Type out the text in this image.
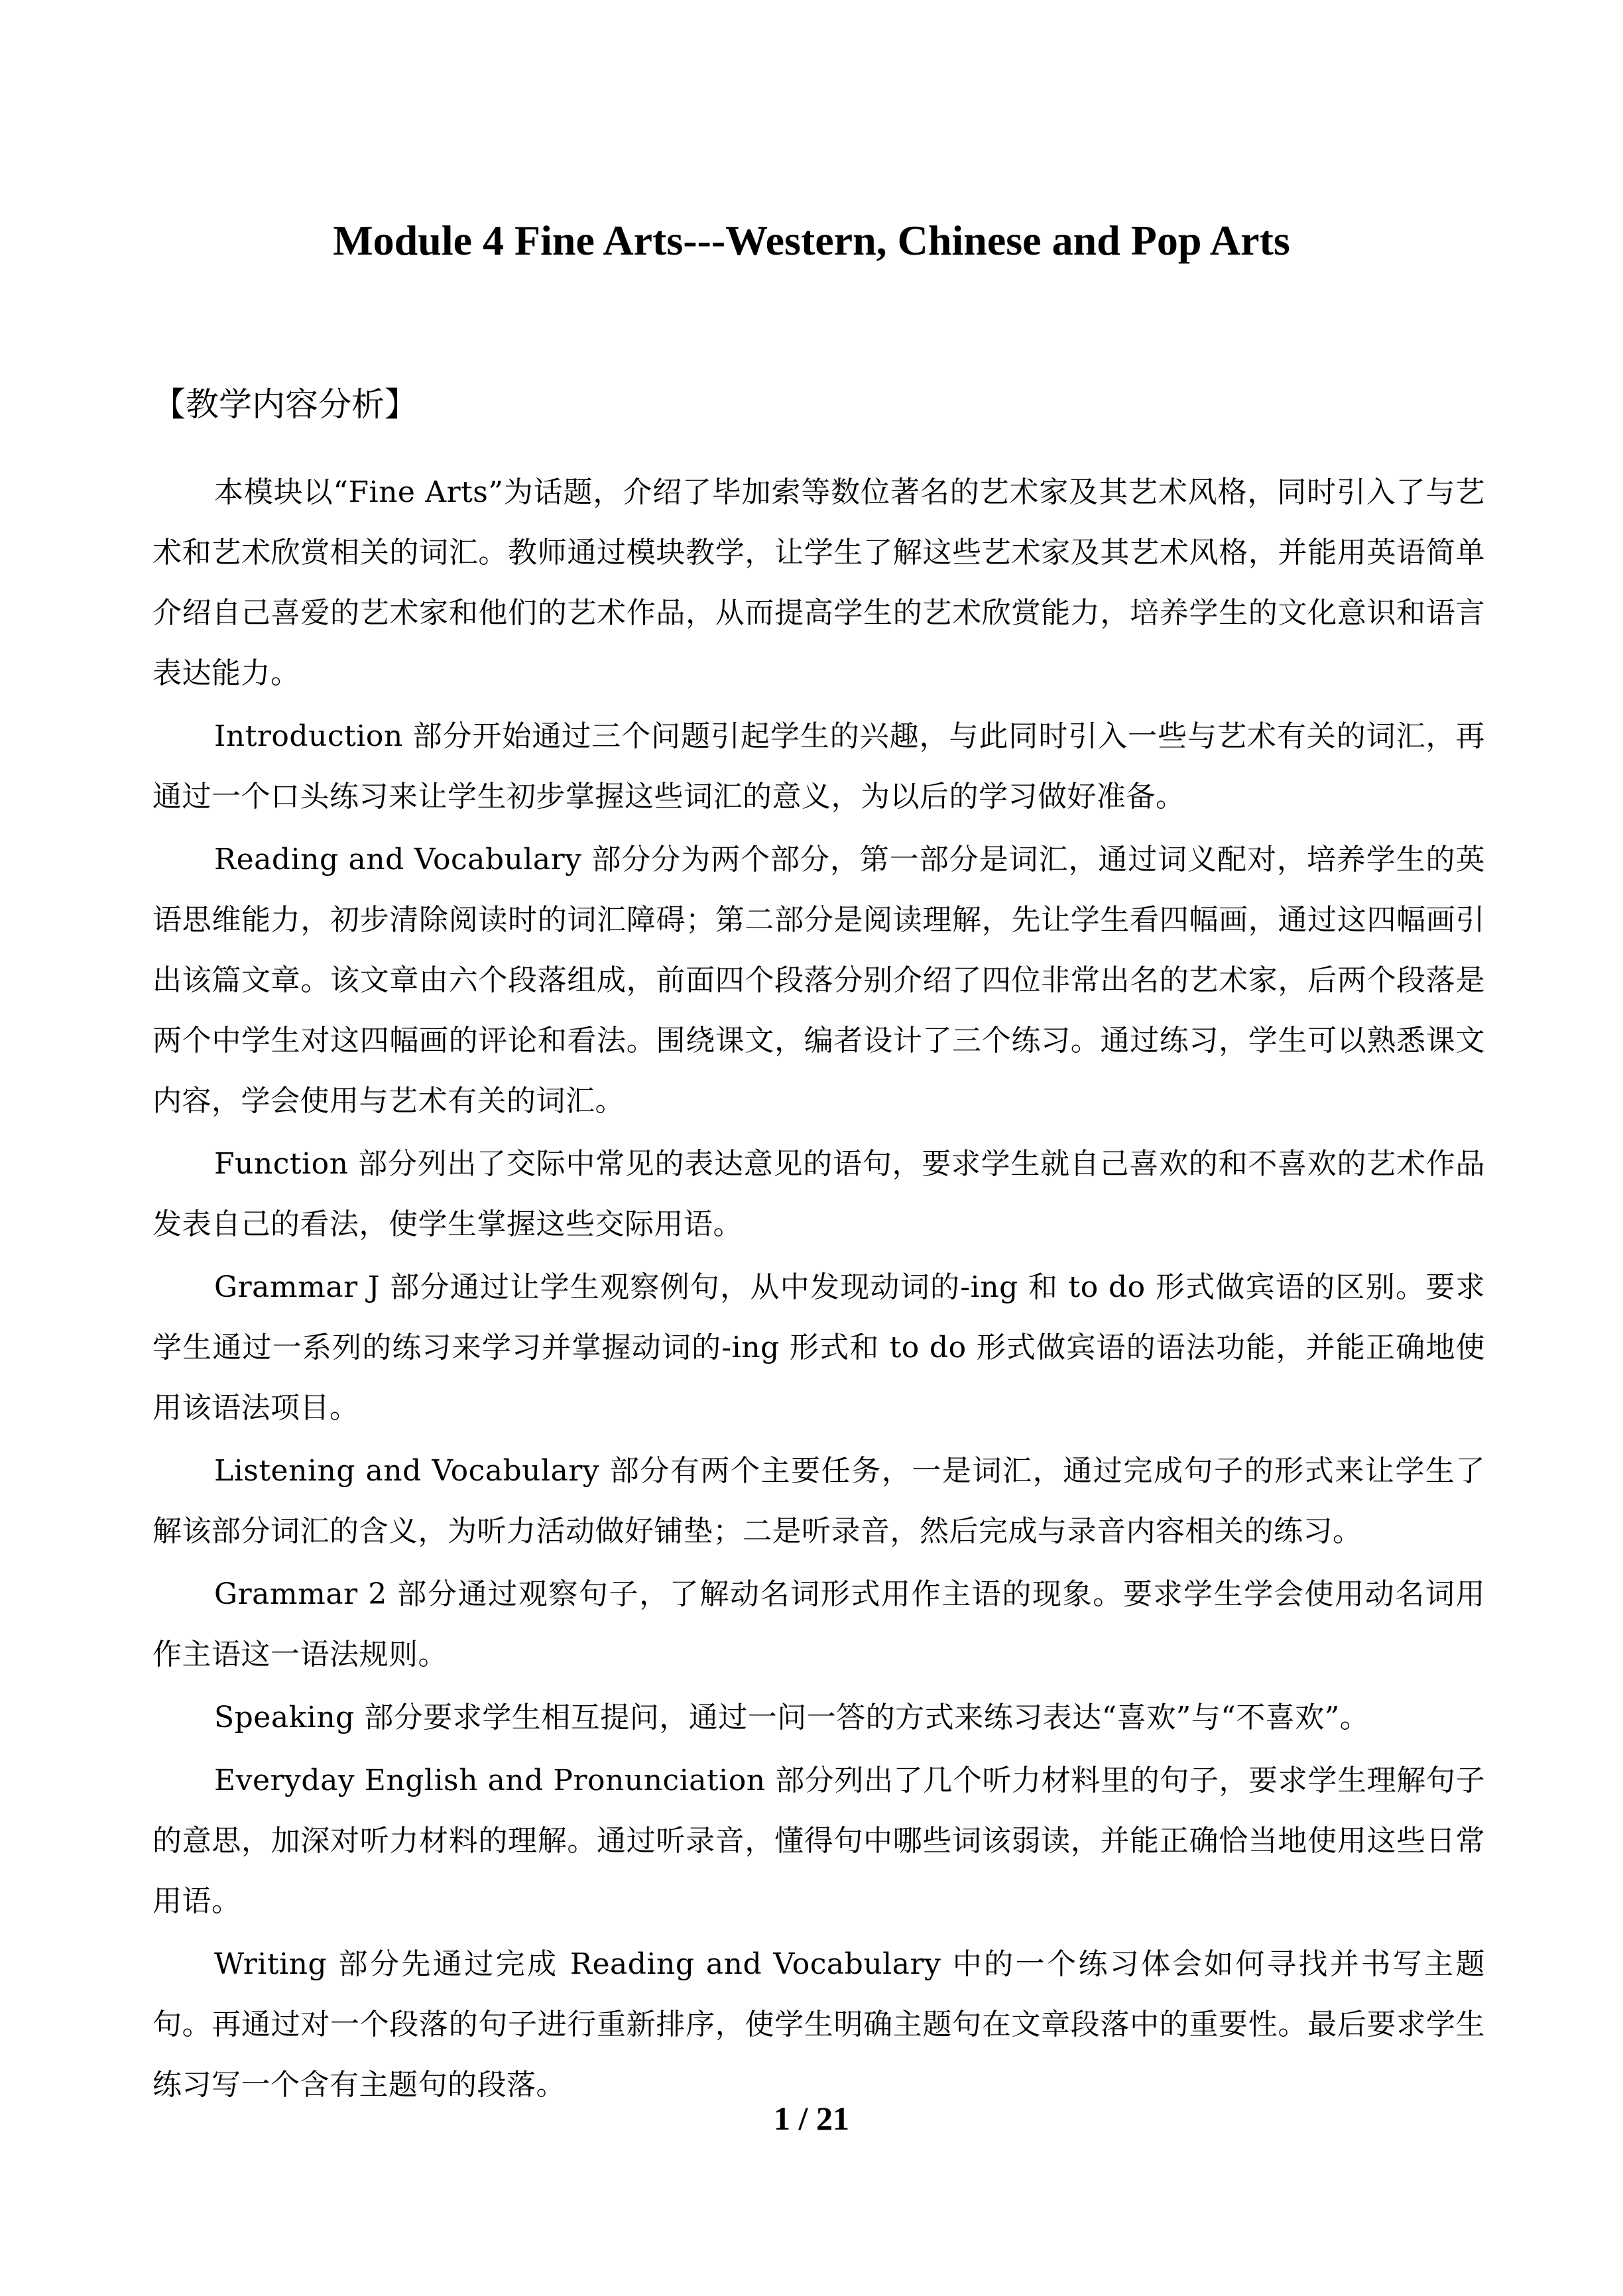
Module 4 Fine Arts---Western, Chinese and Pop Arts
【教学内容分析】

本模块以“Fine Arts”为话题，介绍了毕加索等数位著名的艺术家及其艺术风格，同时引入了与艺术和艺术欣赏相关的词汇。教师通过模块教学，让学生了解这些艺术家及其艺术风格，并能用英语简单介绍自己喜爱的艺术家和他们的艺术作品，从而提高学生的艺术欣赏能力，培养学生的文化意识和语言表达能力。

Introduction 部分开始通过三个问题引起学生的兴趣，与此同时引入一些与艺术有关的词汇，再通过一个口头练习来让学生初步掌握这些词汇的意义，为以后的学习做好准备。

Reading and Vocabulary 部分分为两个部分，第一部分是词汇，通过词义配对，培养学生的英语思维能力，初步清除阅读时的词汇障碍；第二部分是阅读理解，先让学生看四幅画，通过这四幅画引出该篇文章。该文章由六个段落组成，前面四个段落分别介绍了四位非常出名的艺术家，后两个段落是两个中学生对这四幅画的评论和看法。围绕课文，编者设计了三个练习。通过练习，学生可以熟悉课文内容，学会使用与艺术有关的词汇。

Function 部分列出了交际中常见的表达意见的语句，要求学生就自己喜欢的和不喜欢的艺术作品发表自己的看法，使学生掌握这些交际用语。

Grammar J 部分通过让学生观察例句，从中发现动词的-ing 和 to do 形式做宾语的区别。要求学生通过一系列的练习来学习并掌握动词的-ing 形式和 to do 形式做宾语的语法功能，并能正确地使用该语法项目。

Listening and Vocabulary 部分有两个主要任务，一是词汇，通过完成句子的形式来让学生了解该部分词汇的含义，为听力活动做好铺垫；二是听录音，然后完成与录音内容相关的练习。

Grammar 2 部分通过观察句子，了解动名词形式用作主语的现象。要求学生学会使用动名词用作主语这一语法规则。

Speaking 部分要求学生相互提问，通过一问一答的方式来练习表达“喜欢”与“不喜欢”。

Everyday English and Pronunciation 部分列出了几个听力材料里的句子，要求学生理解句子的意思，加深对听力材料的理解。通过听录音，懂得句中哪些词该弱读，并能正确恰当地使用这些日常用语。

Writing 部分先通过完成 Reading and Vocabulary 中的一个练习体会如何寻找并书写主题句。再通过对一个段落的句子进行重新排序，使学生明确主题句在文章段落中的重要性。最后要求学生练习写一个含有主题句的段落。

1 / 21
